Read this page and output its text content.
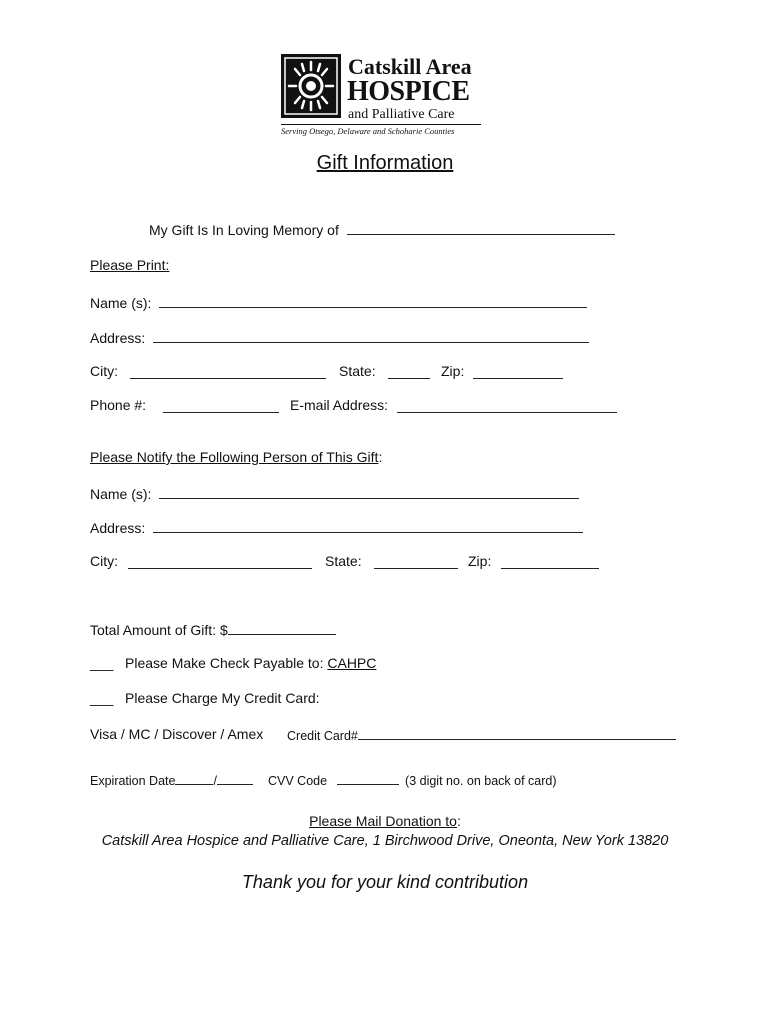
Catskill Area
HOSPICE
and Palliative Care
Serving Otsego, Delaware and Schoharie Counties
Gift Information
My Gift Is In Loving Memory of
Please Print:
Name (s):
Address:
City:	State:	Zip:
Phone #:	E-mail Address:
Please Notify the Following Person of This Gift:
Name (s):
Address:
City:	State:	Zip:
Total Amount of Gift: $
___ Please Make Check Payable to: CAHPC
___ Please Charge My Credit Card:
Visa / MC / Discover / Amex Credit Card#
Expiration Date	/	CVV Code	(3 digit no. on back of card)
Please Mail Donation to:
Catskill Area Hospice and Palliative Care, 1 Birchwood Drive, Oneonta, New York 13820
Thank you for your kind contribution
